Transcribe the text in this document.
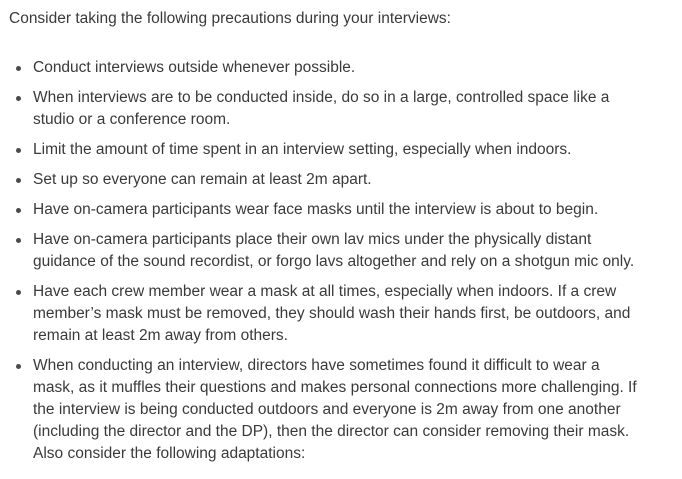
Consider taking the following precautions during your interviews:

Conduct interviews outside whenever possible.
When interviews are to be conducted inside, do so in a large, controlled space like a studio or a conference room.
Limit the amount of time spent in an interview setting, especially when indoors.
Set up so everyone can remain at least 2m apart.
Have on-camera participants wear face masks until the interview is about to begin.
Have on-camera participants place their own lav mics under the physically distant guidance of the sound recordist, or forgo lavs altogether and rely on a shotgun mic only.
Have each crew member wear a mask at all times, especially when indoors. If a crew member’s mask must be removed, they should wash their hands first, be outdoors, and remain at least 2m away from others.
When conducting an interview, directors have sometimes found it difficult to wear a mask, as it muffles their questions and makes personal connections more challenging. If the interview is being conducted outdoors and everyone is 2m away from one another (including the director and the DP), then the director can consider removing their mask. Also consider the following adaptations:
